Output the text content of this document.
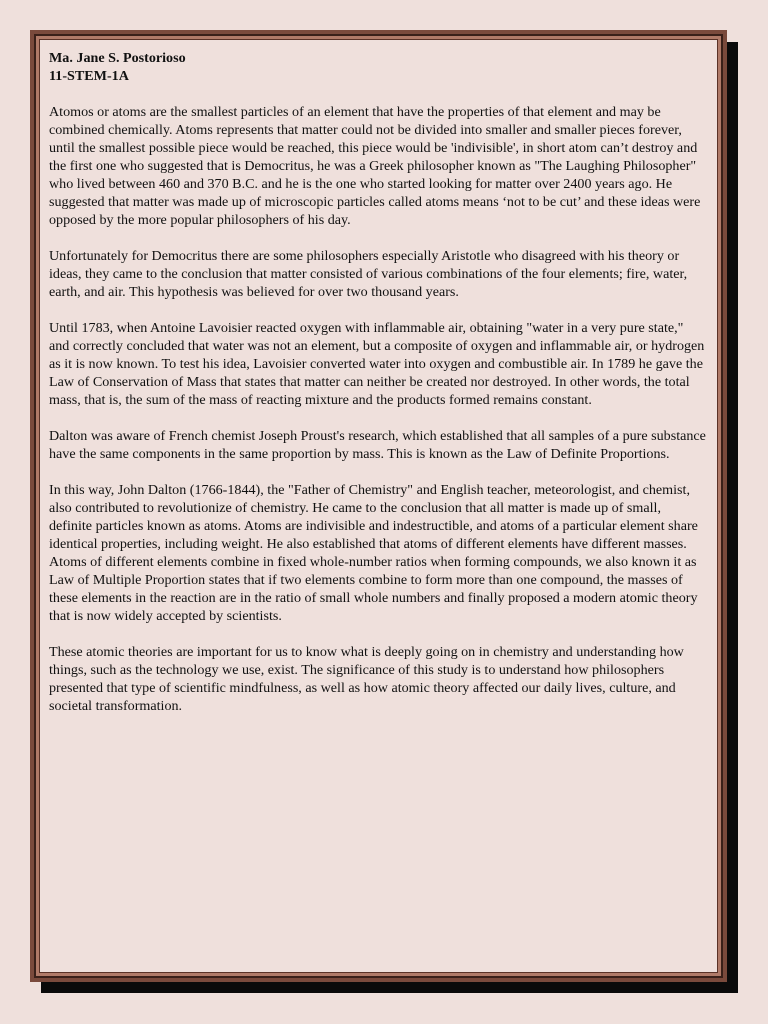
Ma. Jane S. Postorioso

11-STEM-1A

Atomos or atoms are the smallest particles of an element that have the properties of that element and may be combined chemically. Atoms represents that matter could not be divided into smaller and smaller pieces forever, until the smallest possible piece would be reached, this piece would be 'indivisible', in short atom can’t destroy and the first one who suggested that is Democritus, he was a Greek philosopher known as "The Laughing Philosopher" who lived between 460 and 370 B.C. and he is the one who started looking for matter over 2400 years ago. He suggested that matter was made up of microscopic particles called atoms means ‘not to be cut’ and these ideas were opposed by the more popular philosophers of his day.

Unfortunately for Democritus there are some philosophers especially Aristotle who disagreed with his theory or ideas, they came to the conclusion that matter consisted of various combinations of the four elements; fire, water, earth, and air. This hypothesis was believed for over two thousand years.

Until 1783, when Antoine Lavoisier reacted oxygen with inflammable air, obtaining "water in a very pure state," and correctly concluded that water was not an element, but a composite of oxygen and inflammable air, or hydrogen as it is now known. To test his idea, Lavoisier converted water into oxygen and combustible air. In 1789 he gave the Law of Conservation of Mass that states that matter can neither be created nor destroyed. In other words, the total mass, that is, the sum of the mass of reacting mixture and the products formed remains constant.

Dalton was aware of French chemist Joseph Proust's research, which established that all samples of a pure substance have the same components in the same proportion by mass. This is known as the Law of Definite Proportions.

In this way, John Dalton (1766-1844), the "Father of Chemistry" and English teacher, meteorologist, and chemist, also contributed to revolutionize of chemistry. He came to the conclusion that all matter is made up of small, definite particles known as atoms. Atoms are indivisible and indestructible, and atoms of a particular element share identical properties, including weight. He also established that atoms of different elements have different masses. Atoms of different elements combine in fixed whole-number ratios when forming compounds, we also known it as Law of Multiple Proportion states that if two elements combine to form more than one compound, the masses of these elements in the reaction are in the ratio of small whole numbers and finally proposed a modern atomic theory that is now widely accepted by scientists.

These atomic theories are important for us to know what is deeply going on in chemistry and understanding how things, such as the technology we use, exist. The significance of this study is to understand how philosophers presented that type of scientific mindfulness, as well as how atomic theory affected our daily lives, culture, and societal transformation.
